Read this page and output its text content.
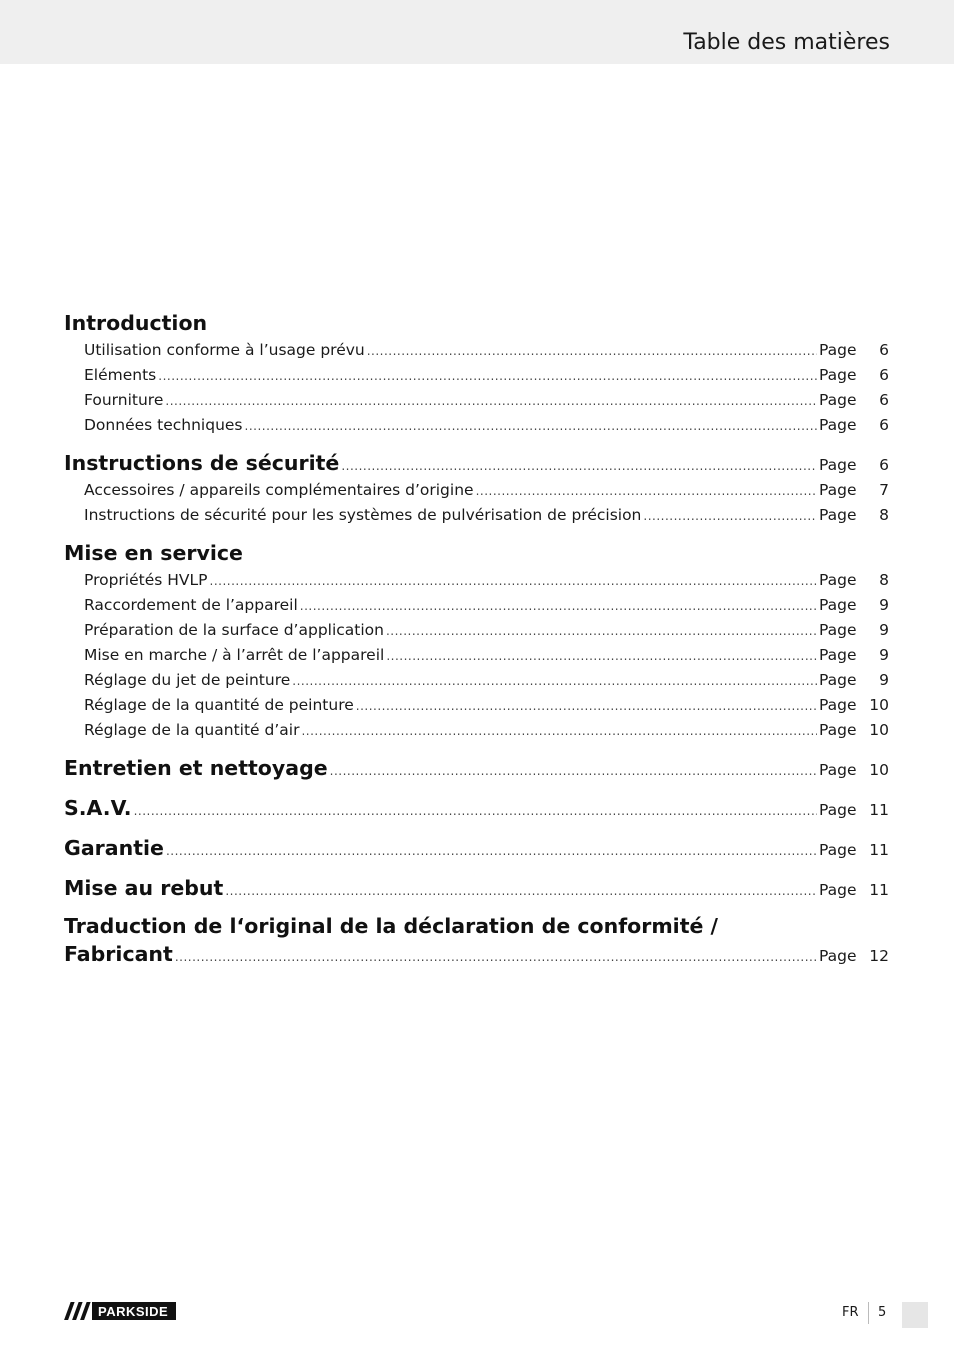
Table des matières
Introduction
Utilisation conforme à l’usage prévu .....	Page	6
Eléments .....	Page	6
Fourniture .....	Page	6
Données techniques .....	Page	6
Instructions de sécurité .....	Page	6
Accessoires / appareils complémentaires d’origine .....	Page	7
Instructions de sécurité pour les systèmes de pulvérisation de précision .....	Page	8
Mise en service
Propriétés HVLP .....	Page	8
Raccordement de l’appareil .....	Page	9
Préparation de la surface d’application .....	Page	9
Mise en marche / à l’arrêt de l’appareil .....	Page	9
Réglage du jet de peinture .....	Page	9
Réglage de la quantité de peinture .....	Page 10
Réglage de la quantité d’air .....	Page 10
Entretien et nettoyage .....	Page 10
S.A.V. .....	Page 11
Garantie .....	Page 11
Mise au rebut .....	Page 11
Traduction de l‘original de la déclaration de conformité /
Fabricant .....	Page 12
PARKSIDE	FR 5
